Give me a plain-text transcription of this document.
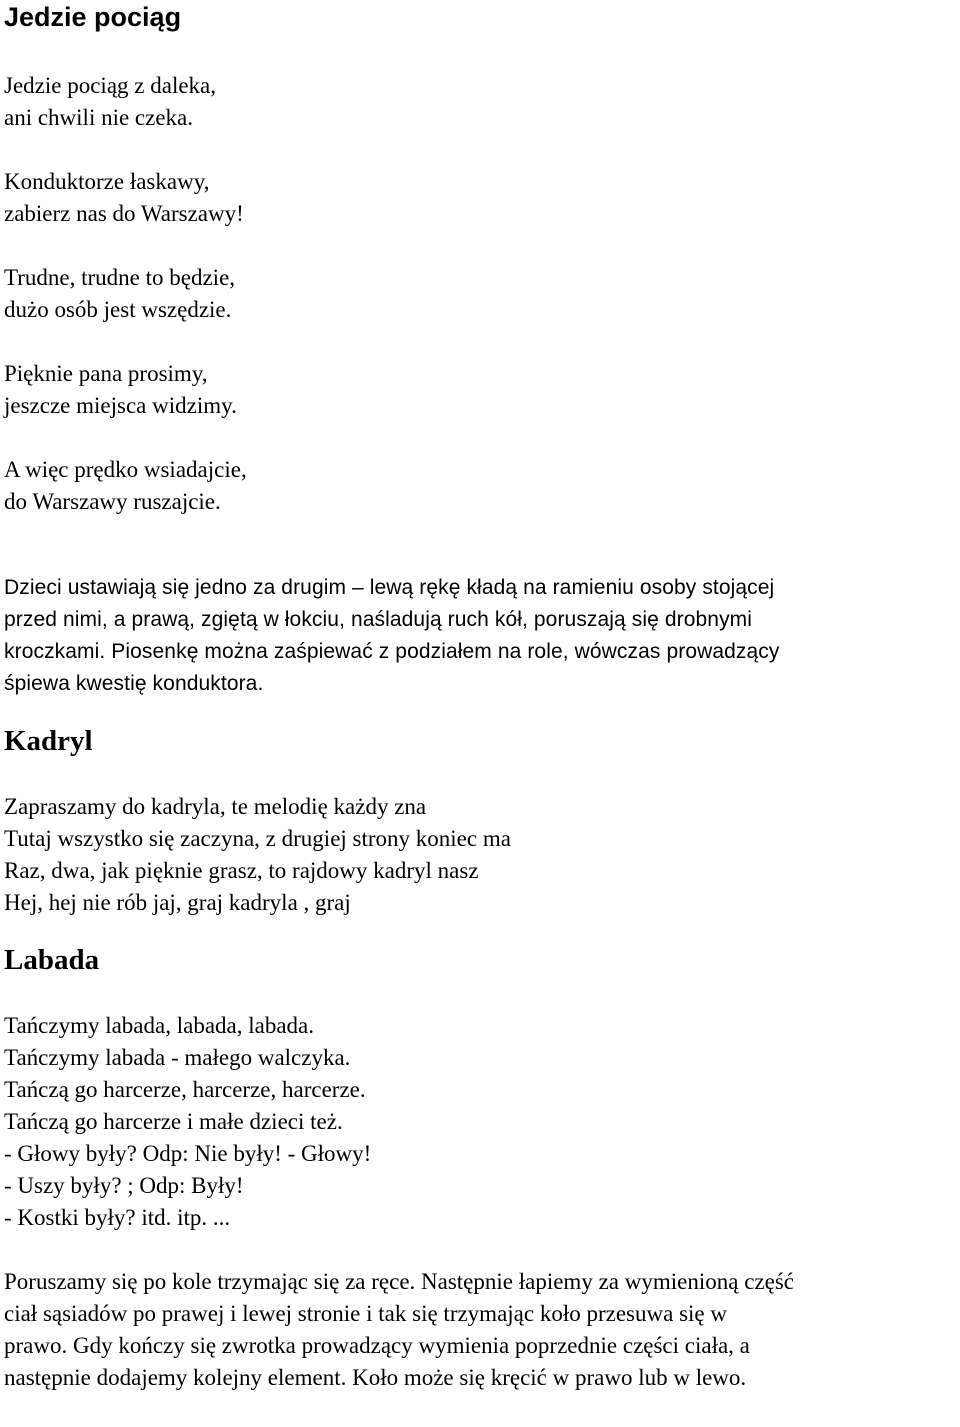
Jedzie pociąg
Jedzie pociąg z daleka,
ani chwili nie czeka.
Konduktorze łaskawy,
zabierz nas do Warszawy!
Trudne, trudne to będzie,
dużo osób jest wszędzie.
Pięknie pana prosimy,
jeszcze miejsca widzimy.
A więc prędko wsiadajcie,
do Warszawy ruszajcie.
Dzieci ustawiają się jedno za drugim – lewą rękę kładą na ramieniu osoby stojącej
przed nimi, a prawą, zgiętą w łokciu, naśladują ruch kół, poruszają się drobnymi
kroczkami. Piosenkę można zaśpiewać z podziałem na role, wówczas prowadzący
śpiewa kwestię konduktora.
Kadryl
Zapraszamy do kadryla, te melodię każdy zna
Tutaj wszystko się zaczyna, z drugiej strony koniec ma
Raz, dwa, jak pięknie grasz, to rajdowy kadryl nasz
Hej, hej nie rób jaj, graj kadryla , graj
Labada
Tańczymy labada, labada, labada.
Tańczymy labada - małego walczyka.
Tańczą go harcerze, harcerze, harcerze.
Tańczą go harcerze i małe dzieci też.
- Głowy były? Odp: Nie były! - Głowy!
- Uszy były? ; Odp: Były!
- Kostki były? itd. itp. ...
Poruszamy się po kole trzymając się za ręce. Następnie łapiemy za wymienioną część
ciał sąsiadów po prawej i lewej stronie i tak się trzymając koło przesuwa się w
prawo. Gdy kończy się zwrotka prowadzący wymienia poprzednie części ciała, a
następnie dodajemy kolejny element. Koło może się kręcić w prawo lub w lewo.
